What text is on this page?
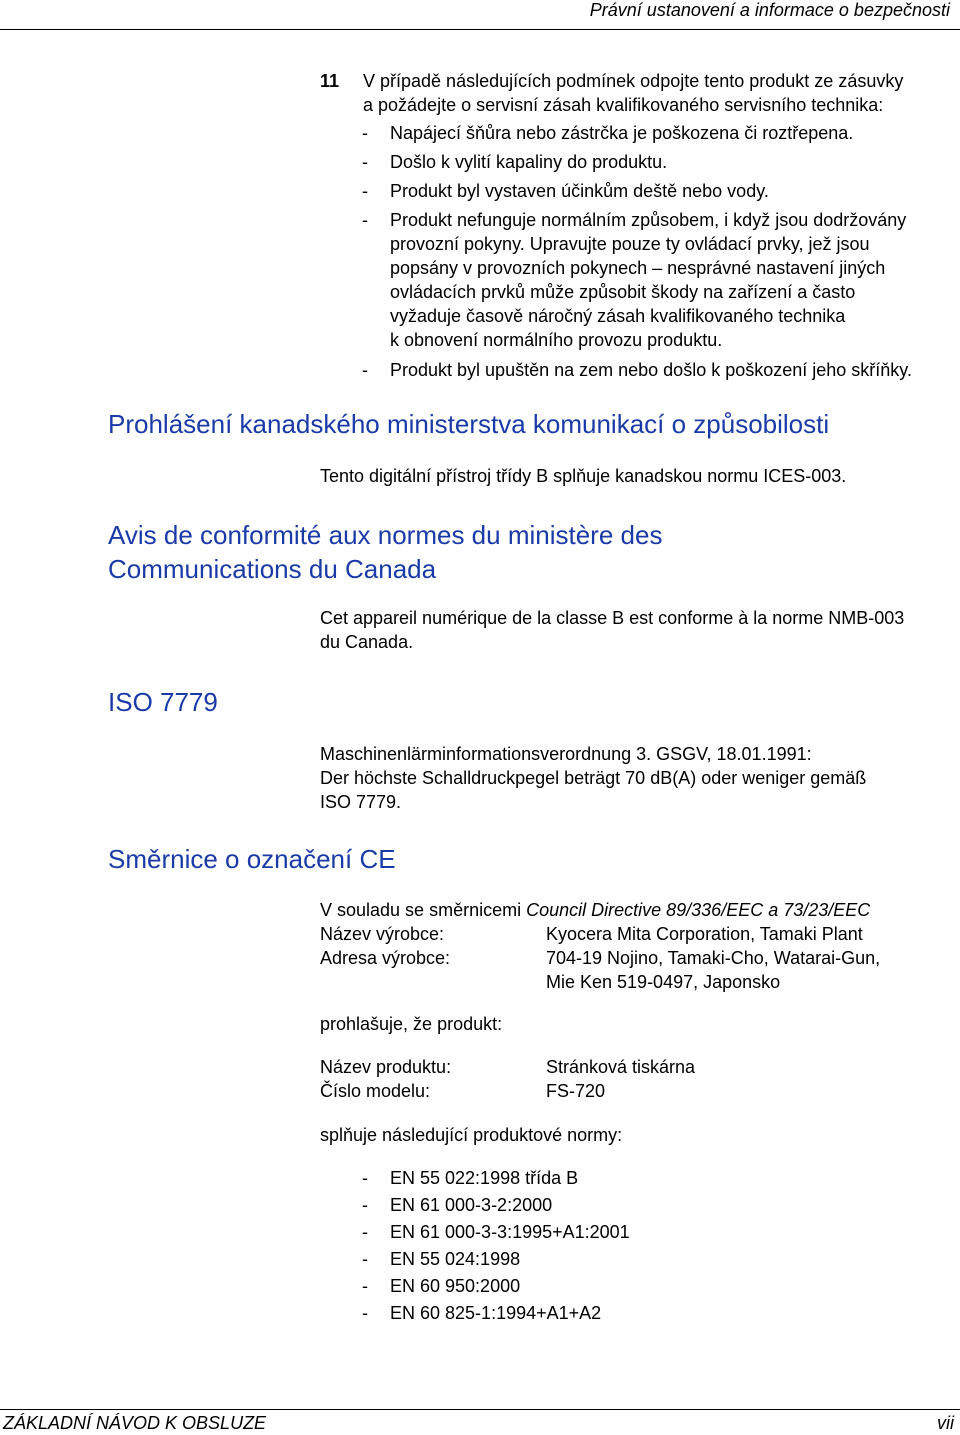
Právní ustanovení a informace o bezpečnosti
11 V případě následujících podmínek odpojte tento produkt ze zásuvky
a požádejte o servisní zásah kvalifikovaného servisního technika:
- Napájecí šňůra nebo zástrčka je poškozena či roztřepena.
- Došlo k vylití kapaliny do produktu.
- Produkt byl vystaven účinkům deště nebo vody.
- Produkt nefunguje normálním způsobem, i když jsou dodržovány
provozní pokyny. Upravujte pouze ty ovládací prvky, jež jsou
popsány v provozních pokynech – nesprávné nastavení jiných
ovládacích prvků může způsobit škody na zařízení a často
vyžaduje časově náročný zásah kvalifikovaného technika
k obnovení normálního provozu produktu.
- Produkt byl upuštěn na zem nebo došlo k poškození jeho skříňky.
Prohlášení kanadského ministerstva komunikací o způsobilosti
Tento digitální přístroj třídy B splňuje kanadskou normu ICES-003.
Avis de conformité aux normes du ministère des
Communications du Canada
Cet appareil numérique de la classe B est conforme à la norme NMB-003
du Canada.
ISO 7779
Maschinenlärminformationsverordnung 3. GSGV, 18.01.1991:
Der höchste Schalldruckpegel beträgt 70 dB(A) oder weniger gemäß
ISO 7779.
Směrnice o označení CE
V souladu se směrnicemi Council Directive 89/336/EEC a 73/23/EEC
Název výrobce:	Kyocera Mita Corporation, Tamaki Plant
Adresa výrobce:	704-19 Nojino, Tamaki-Cho, Watarai-Gun,
Mie Ken 519-0497, Japonsko
prohlašuje, že produkt:
Název produktu:	Stránková tiskárna
Číslo modelu:	FS-720
splňuje následující produktové normy:
- EN 55 022:1998 třída B
- EN 61 000-3-2:2000
- EN 61 000-3-3:1995+A1:2001
- EN 55 024:1998
- EN 60 950:2000
- EN 60 825-1:1994+A1+A2
ZÁKLADNÍ NÁVOD K OBSLUZE	vii
